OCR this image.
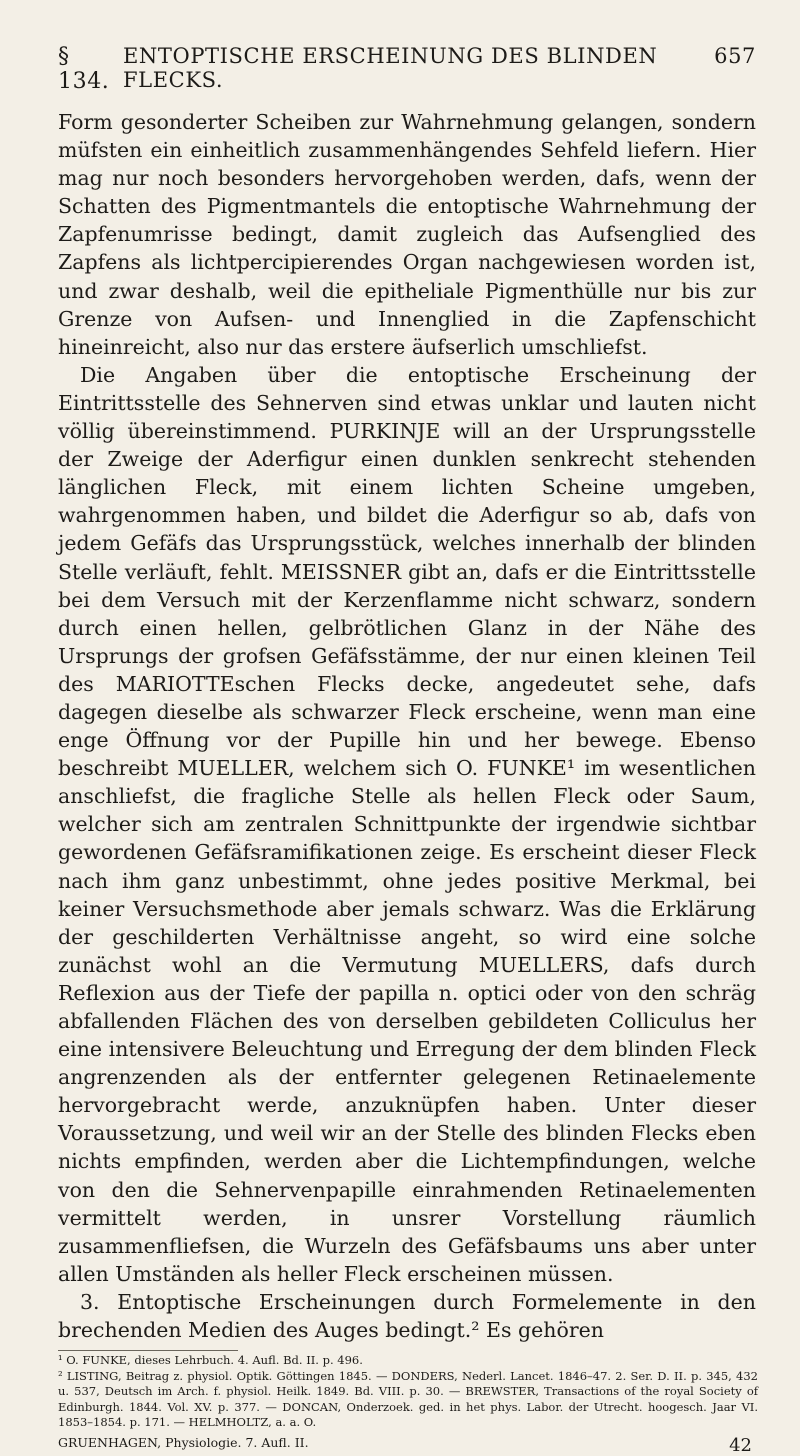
§ 134.
ENTOPTISCHE ERSCHEINUNG DES BLINDEN FLECKS.
657

Form gesonderter Scheiben zur Wahrnehmung gelangen, sondern müfsten ein einheitlich zusammenhängendes Sehfeld liefern. Hier mag nur noch besonders hervorgehoben werden, dafs, wenn der Schatten des Pigmentmantels die entoptische Wahrnehmung der Zapfenumrisse bedingt, damit zugleich das Aufsenglied des Zapfens als lichtpercipierendes Organ nachgewiesen worden ist, und zwar deshalb, weil die epitheliale Pigmenthülle nur bis zur Grenze von Aufsen- und Innenglied in die Zapfenschicht hineinreicht, also nur das erstere äufserlich umschliefst.

Die Angaben über die entoptische Erscheinung der Eintrittsstelle des Sehnerven sind etwas unklar und lauten nicht völlig übereinstimmend. PURKINJE will an der Ursprungsstelle der Zweige der Aderfigur einen dunklen senkrecht stehenden länglichen Fleck, mit einem lichten Scheine umgeben, wahrgenommen haben, und bildet die Aderfigur so ab, dafs von jedem Gefäfs das Ursprungsstück, welches innerhalb der blinden Stelle verläuft, fehlt. MEISSNER gibt an, dafs er die Eintrittsstelle bei dem Versuch mit der Kerzenflamme nicht schwarz, sondern durch einen hellen, gelbrötlichen Glanz in der Nähe des Ursprungs der grofsen Gefäfsstämme, der nur einen kleinen Teil des MARIOTTEschen Flecks decke, angedeutet sehe, dafs dagegen dieselbe als schwarzer Fleck erscheine, wenn man eine enge Öffnung vor der Pupille hin und her bewege. Ebenso beschreibt MUELLER, welchem sich O. FUNKE¹ im wesentlichen anschliefst, die fragliche Stelle als hellen Fleck oder Saum, welcher sich am zentralen Schnittpunkte der irgendwie sichtbar gewordenen Gefäfsramifikationen zeige. Es erscheint dieser Fleck nach ihm ganz unbestimmt, ohne jedes positive Merkmal, bei keiner Versuchsmethode aber jemals schwarz. Was die Erklärung der geschilderten Verhältnisse angeht, so wird eine solche zunächst wohl an die Vermutung MUELLERS, dafs durch Reflexion aus der Tiefe der papilla n. optici oder von den schräg abfallenden Flächen des von derselben gebildeten Colliculus her eine intensivere Beleuchtung und Erregung der dem blinden Fleck angrenzenden als der entfernter gelegenen Retinaelemente hervorgebracht werde, anzuknüpfen haben. Unter dieser Voraussetzung, und weil wir an der Stelle des blinden Flecks eben nichts empfinden, werden aber die Lichtempfindungen, welche von den die Sehnervenpapille einrahmenden Retinaelementen vermittelt werden, in unsrer Vorstellung räumlich zusammenfliefsen, die Wurzeln des Gefäfsbaums uns aber unter allen Umständen als heller Fleck erscheinen müssen.

3. Entoptische Erscheinungen durch Formelemente in den brechenden Medien des Auges bedingt.² Es gehören

¹ O. FUNKE, dieses Lehrbuch. 4. Aufl. Bd. II. p. 496.
² LISTING, Beitrag z. physiol. Optik. Göttingen 1845. — DONDERS, Nederl. Lancet. 1846–47. 2. Ser. D. II. p. 345, 432 u. 537, Deutsch im Arch. f. physiol. Heilk. 1849. Bd. VIII. p. 30. — BREWSTER, Transactions of the royal Society of Edinburgh. 1844. Vol. XV. p. 377. — DONCAN, Onderzoek. ged. in het phys. Labor. der Utrecht. hoogesch. Jaar VI. 1853–1854. p. 171. — HELMHOLTZ, a. a. O.
GRUENHAGEN, Physiologie. 7. Aufl. II.	42
